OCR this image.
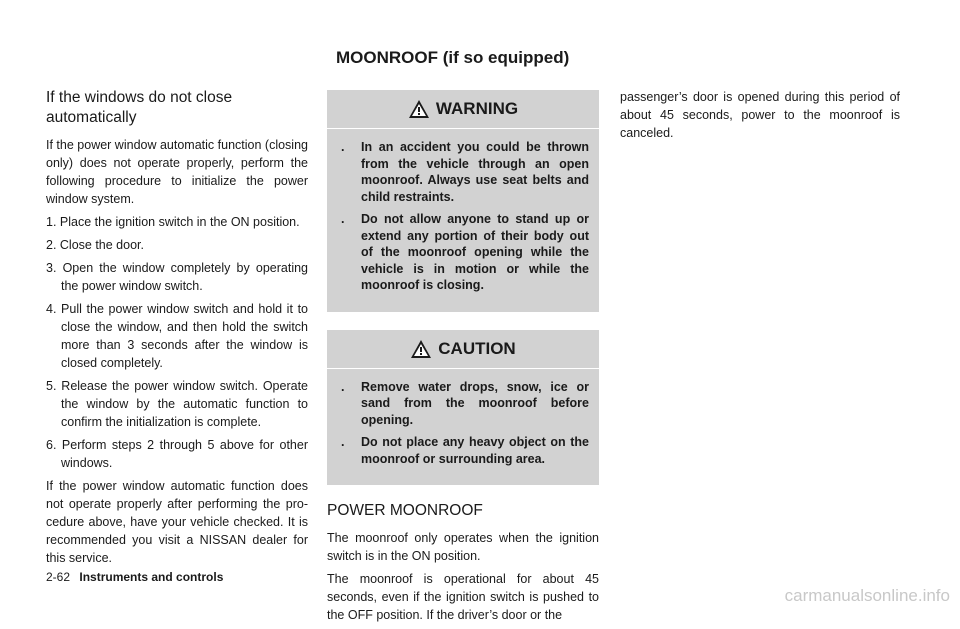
MOONROOF (if so equipped)
If the windows do not close automatically

If the power window automatic function (closing only) does not operate properly, perform the following procedure to initialize the power window system.

1. Place the ignition switch in the ON position.
2. Close the door.
3. Open the window completely by operating the power window switch.
4. Pull the power window switch and hold it to close the window, and then hold the switch more than 3 seconds after the window is closed completely.
5. Release the power window switch. Operate the window by the automatic function to confirm the initialization is complete.
6. Perform steps 2 through 5 above for other windows.

If the power window automatic function does not operate properly after performing the pro-cedure above, have your vehicle checked. It is recommended you visit a NISSAN dealer for this service.

WARNING
. In an accident you could be thrown from the vehicle through an open moonroof. Always use seat belts and child restraints.
. Do not allow anyone to stand up or extend any portion of their body out of the moonroof opening while the vehicle is in motion or while the moonroof is closing.
CAUTION
. Remove water drops, snow, ice or sand from the moonroof before opening.
. Do not place any heavy object on the moonroof or surrounding area.
POWER MOONROOF

The moonroof only operates when the ignition switch is in the ON position.

The moonroof is operational for about 45 seconds, even if the ignition switch is pushed to the OFF position. If the driver’s door or the

passenger’s door is opened during this period of about 45 seconds, power to the moonroof is canceled.

2-62 Instruments and controls
carmanualsonline.info
